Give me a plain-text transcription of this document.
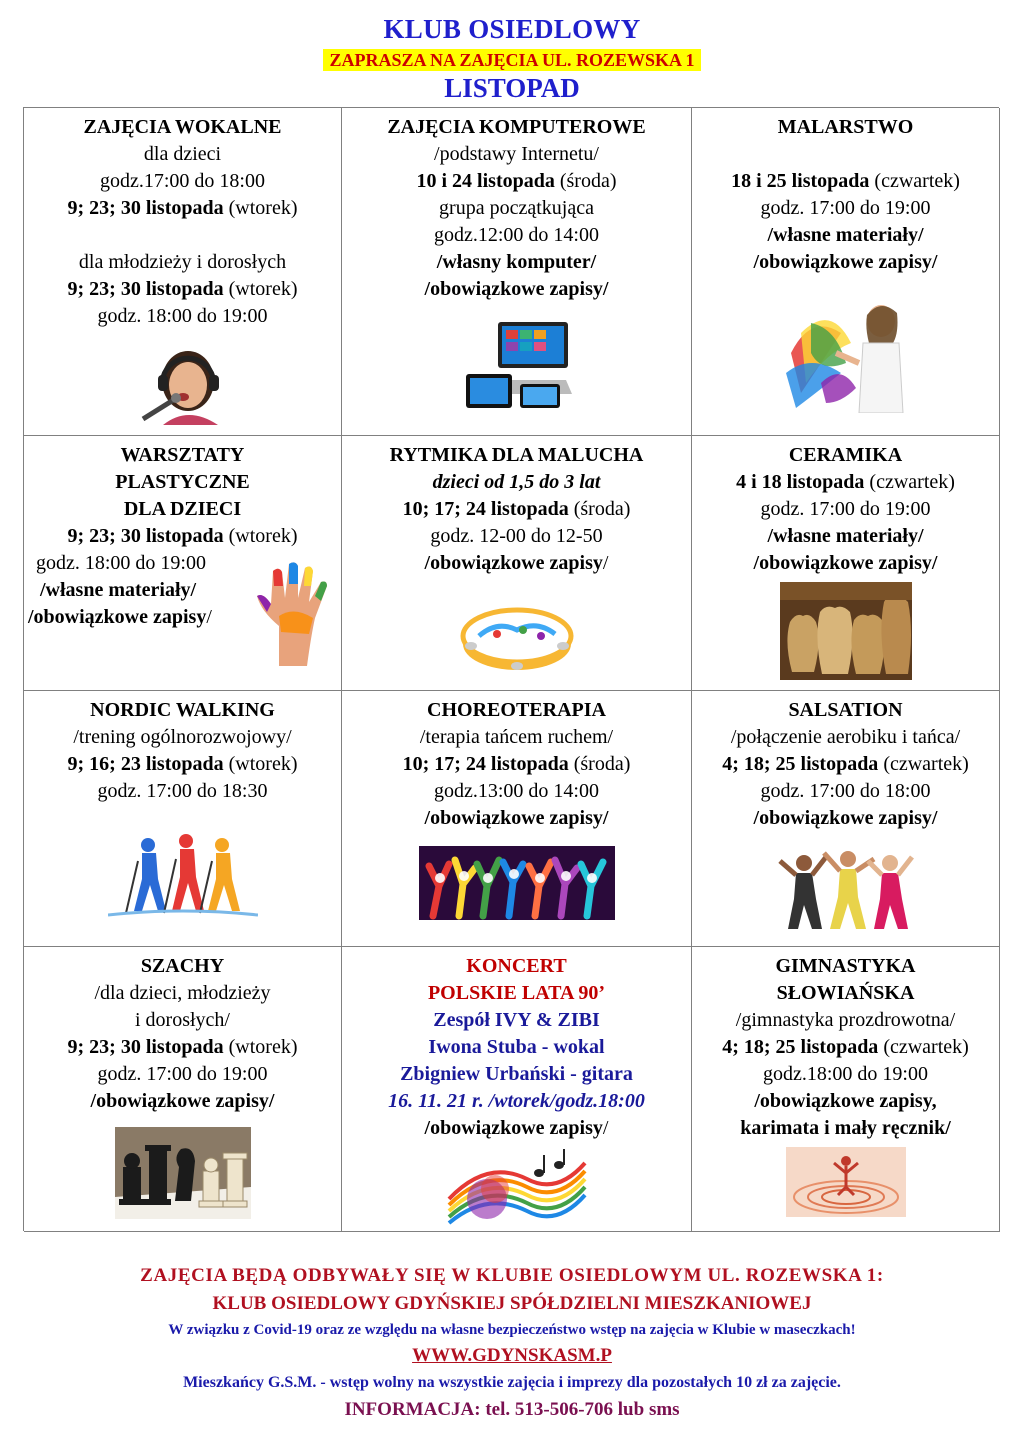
KLUB OSIEDLOWY
ZAPRASZA NA ZAJĘCIA UL. ROZEWSKA 1
LISTOPAD
ZAJĘCIA WOKALNE
dla dzieci
godz.17:00 do 18:00
9; 23; 30 listopada (wtorek)
dla młodzieży i dorosłych
9; 23; 30 listopada (wtorek)
godz. 18:00 do 19:00
ZAJĘCIA KOMPUTEROWE
/podstawy Internetu/
10 i 24 listopada (środa)
grupa początkująca
godz.12:00 do 14:00
/własny komputer/
/obowiązkowe zapisy/
MALARSTWO
18 i 25 listopada (czwartek)
godz. 17:00 do 19:00
/własne materiały/
/obowiązkowe zapisy/
WARSZTATY
PLASTYCZNE
DLA DZIECI
9; 23; 30 listopada (wtorek)
godz. 18:00 do 19:00
/własne materiały/
/obowiązkowe zapisy/
RYTMIKA DLA MALUCHA
dzieci od 1,5 do 3 lat
10; 17; 24 listopada (środa)
godz. 12-00 do 12-50
/obowiązkowe zapisy/
CERAMIKA
4 i 18 listopada (czwartek)
godz. 17:00 do 19:00
/własne materiały/
/obowiązkowe zapisy/
NORDIC WALKING
/trening ogólnorozwojowy/
9; 16; 23 listopada (wtorek)
godz. 17:00 do 18:30
CHOREOTERAPIA
/terapia tańcem ruchem/
10; 17; 24 listopada (środa)
godz.13:00 do 14:00
/obowiązkowe zapisy/
SALSATION
/połączenie aerobiku i tańca/
4; 18; 25 listopada (czwartek)
godz. 17:00 do 18:00
/obowiązkowe zapisy/
SZACHY
/dla dzieci, młodzieży
i dorosłych/
9; 23; 30 listopada (wtorek)
godz. 17:00 do 19:00
/obowiązkowe zapisy/
KONCERT
POLSKIE LATA 90’
Zespół IVY & ZIBI
Iwona Stuba - wokal
Zbigniew Urbański - gitara
16. 11. 21 r. /wtorek/godz.18:00
/obowiązkowe zapisy/
GIMNASTYKA
SŁOWIAŃSKA
/gimnastyka prozdrowotna/
4; 18; 25 listopada (czwartek)
godz.18:00 do 19:00
/obowiązkowe zapisy,
karimata i mały ręcznik/
ZAJĘCIA BĘDĄ ODBYWAŁY SIĘ W KLUBIE OSIEDLOWYM UL. ROZEWSKA 1:
KLUB OSIEDLOWY GDYŃSKIEJ SPÓŁDZIELNI MIESZKANIOWEJ
W związku z Covid-19 oraz ze względu na własne bezpieczeństwo wstęp na zajęcia w Klubie w maseczkach!
WWW.GDYNSKASM.P
Mieszkańcy G.S.M. - wstęp wolny na wszystkie zajęcia i imprezy dla pozostałych 10 zł za zajęcie.
INFORMACJA: tel. 513-506-706 lub sms
